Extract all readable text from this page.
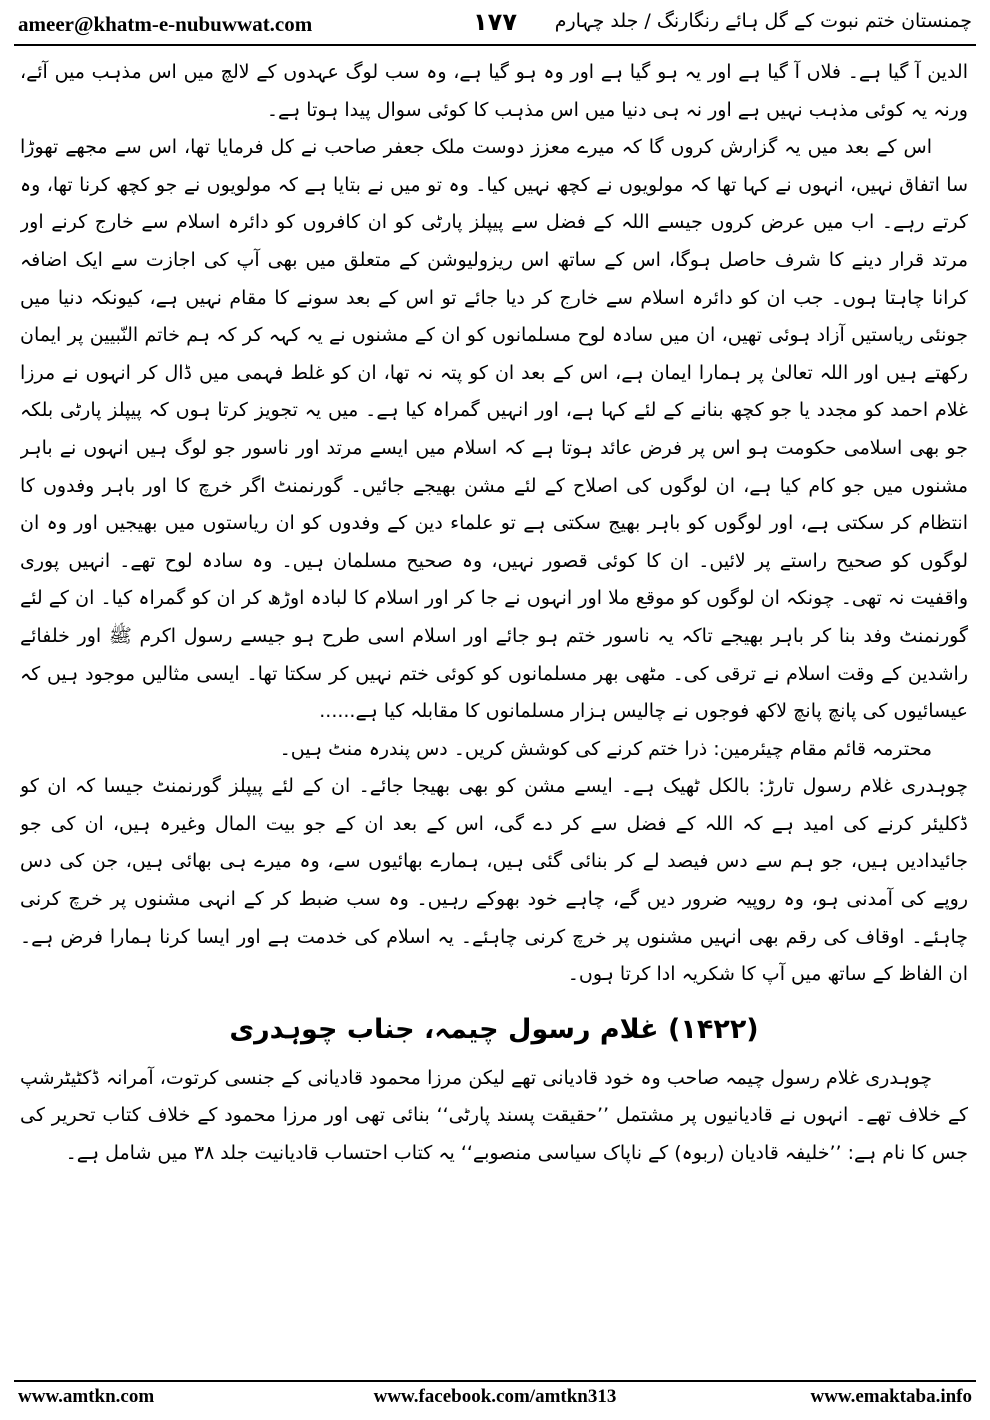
ameer@khatm-e-nubuwwat.com	۱۷۷	چمنستان ختم نبوت کے گل ہائے رنگارنگ / جلد چہارم

الدین آ گیا ہے۔ فلاں آ گیا ہے اور یہ ہو گیا ہے اور وہ ہو گیا ہے، وہ سب لوگ عہدوں کے لالچ میں اس مذہب میں آئے، ورنہ یہ کوئی مذہب نہیں ہے اور نہ ہی دنیا میں اس مذہب کا کوئی سوال پیدا ہوتا ہے۔

اس کے بعد میں یہ گزارش کروں گا کہ میرے معزز دوست ملک جعفر صاحب نے کل فرمایا تھا، اس سے مجھے تھوڑا سا اتفاق نہیں، انہوں نے کہا تھا کہ مولویوں نے کچھ نہیں کیا۔ وہ تو میں نے بتایا ہے کہ مولویوں نے جو کچھ کرنا تھا، وہ کرتے رہے۔ اب میں عرض کروں جیسے اللہ کے فضل سے پیپلز پارٹی کو ان کافروں کو دائرہ اسلام سے خارج کرنے اور مرتد قرار دینے کا شرف حاصل ہوگا، اس کے ساتھ اس ریزولیوشن کے متعلق میں بھی آپ کی اجازت سے ایک اضافہ کرانا چاہتا ہوں۔ جب ان کو دائرہ اسلام سے خارج کر دیا جائے تو اس کے بعد سونے کا مقام نہیں ہے، کیونکہ دنیا میں جونئی ریاستیں آزاد ہوئی تھیں، ان میں سادہ لوح مسلمانوں کو ان کے مشنوں نے یہ کہہ کر کہ ہم خاتم النّبیین پر ایمان رکھتے ہیں اور اللہ تعالیٰ پر ہمارا ایمان ہے، اس کے بعد ان کو پتہ نہ تھا، ان کو غلط فہمی میں ڈال کر انہوں نے مرزا غلام احمد کو مجدد یا جو کچھ بنانے کے لئے کہا ہے، اور انہیں گمراہ کیا ہے۔ میں یہ تجویز کرتا ہوں کہ پیپلز پارٹی بلکہ جو بھی اسلامی حکومت ہو اس پر فرض عائد ہوتا ہے کہ اسلام میں ایسے مرتد اور ناسور جو لوگ ہیں انہوں نے باہر مشنوں میں جو کام کیا ہے، ان لوگوں کی اصلاح کے لئے مشن بھیجے جائیں۔ گورنمنٹ اگر خرچ کا اور باہر وفدوں کا انتظام کر سکتی ہے، اور لوگوں کو باہر بھیج سکتی ہے تو علماء دین کے وفدوں کو ان ریاستوں میں بھیجیں اور وہ ان لوگوں کو صحیح راستے پر لائیں۔ ان کا کوئی قصور نہیں، وہ صحیح مسلمان ہیں۔ وہ سادہ لوح تھے۔ انہیں پوری واقفیت نہ تھی۔ چونکہ ان لوگوں کو موقع ملا اور انہوں نے جا کر اور اسلام کا لبادہ اوڑھ کر ان کو گمراہ کیا۔ ان کے لئے گورنمنٹ وفد بنا کر باہر بھیجے تاکہ یہ ناسور ختم ہو جائے اور اسلام اسی طرح ہو جیسے رسول اکرم ﷺ اور خلفائے راشدین کے وقت اسلام نے ترقی کی۔ مٹھی بھر مسلمانوں کو کوئی ختم نہیں کر سکتا تھا۔ ایسی مثالیں موجود ہیں کہ عیسائیوں کی پانچ پانچ لاکھ فوجوں نے چالیس ہزار مسلمانوں کا مقابلہ کیا ہے......

محترمہ قائم مقام چیئرمین: ذرا ختم کرنے کی کوشش کریں۔ دس پندرہ منٹ ہیں۔

چوہدری غلام رسول تارڑ: بالکل ٹھیک ہے۔ ایسے مشن کو بھی بھیجا جائے۔ ان کے لئے پیپلز گورنمنٹ جیسا کہ ان کو ڈکلیئر کرنے کی امید ہے کہ اللہ کے فضل سے کر دے گی، اس کے بعد ان کے جو بیت المال وغیرہ ہیں، ان کی جو جائیدادیں ہیں، جو ہم سے دس فیصد لے کر بنائی گئی ہیں، ہمارے بھائیوں سے، وہ میرے ہی بھائی ہیں، جن کی دس روپے کی آمدنی ہو، وہ روپیہ ضرور دیں گے، چاہے خود بھوکے رہیں۔ وہ سب ضبط کر کے انہی مشنوں پر خرچ کرنی چاہئے۔ اوقاف کی رقم بھی انہیں مشنوں پر خرچ کرنی چاہئے۔ یہ اسلام کی خدمت ہے اور ایسا کرنا ہمارا فرض ہے۔ ان الفاظ کے ساتھ میں آپ کا شکریہ ادا کرتا ہوں۔

(۱۴۲۲) غلام رسول چیمہ، جناب چوہدری

چوہدری غلام رسول چیمہ صاحب وہ خود قادیانی تھے لیکن مرزا محمود قادیانی کے جنسی کرتوت، آمرانہ ڈکٹیٹرشپ کے خلاف تھے۔ انہوں نے قادیانیوں پر مشتمل ’’حقیقت پسند پارٹی‘‘ بنائی تھی اور مرزا محمود کے خلاف کتاب تحریر کی جس کا نام ہے: ’’خلیفہ قادیان (ربوہ) کے ناپاک سیاسی منصوبے‘‘ یہ کتاب احتساب قادیانیت جلد ۳۸ میں شامل ہے۔

www.amtkn.com	www.facebook.com/amtkn313	www.emaktaba.info
